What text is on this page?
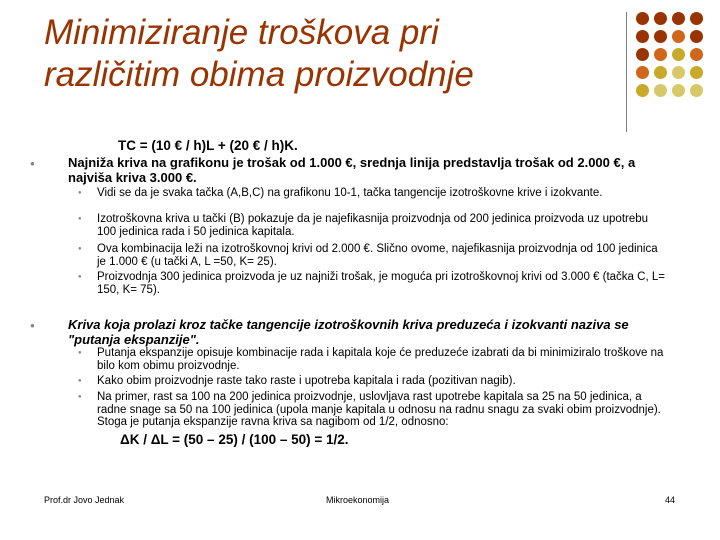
Minimiziranje troškova pri
različitim obima proizvodnje
TC = (10 € / h)L + (20 € / h)K.
●	Najniža kriva na grafikonu je trošak od 1.000 €, srednja linija predstavlja trošak od 2.000 €, a najviša kriva 3.000 €.
● Vidi se da je svaka tačka (A,B,C) na grafikonu 10-1, tačka tangencije izotroškovne krive i izokvante.
● Izotroškovna kriva u tački (B) pokazuje da je najefikasnija proizvodnja od 200 jedinica proizvoda uz upotrebu 100 jedinica rada i 50 jedinica kapitala.
● Ova kombinacija leži na izotroškovnoj krivi od 2.000 €. Slično ovome, najefikasnija proizvodnja od 100 jedinica je 1.000 € (u tački A, L =50, K= 25).
● Proizvodnja 300 jedinica proizvoda je uz najniži trošak, je moguća pri izotroškovnoj krivi od 3.000 € (tačka C, L= 150, K= 75).
●	Kriva koja prolazi kroz tačke tangencije izotroškovnih kriva preduzeća i izokvanti naziva se "putanja ekspanzije".
● Putanja ekspanzije opisuje kombinacije rada i kapitala koje će preduzeće izabrati da bi minimiziralo troškove na bilo kom obimu proizvodnje.
● Kako obim proizvodnje raste tako raste i upotreba kapitala i rada (pozitivan nagib).
● Na primer, rast sa 100 na 200 jedinica proizvodnje, uslovljava rast upotrebe kapitala sa 25 na 50 jedinica, a radne snage sa 50 na 100 jedinica (upola manje kapitala u odnosu na radnu snagu za svaki obim proizvodnje). Stoga je putanja ekspanzije ravna kriva sa nagibom od 1/2, odnosno:
ΔK / ΔL = (50 – 25) / (100 – 50) = 1/2.
Prof.dr Jovo Jednak	Mikroekonomija	44
